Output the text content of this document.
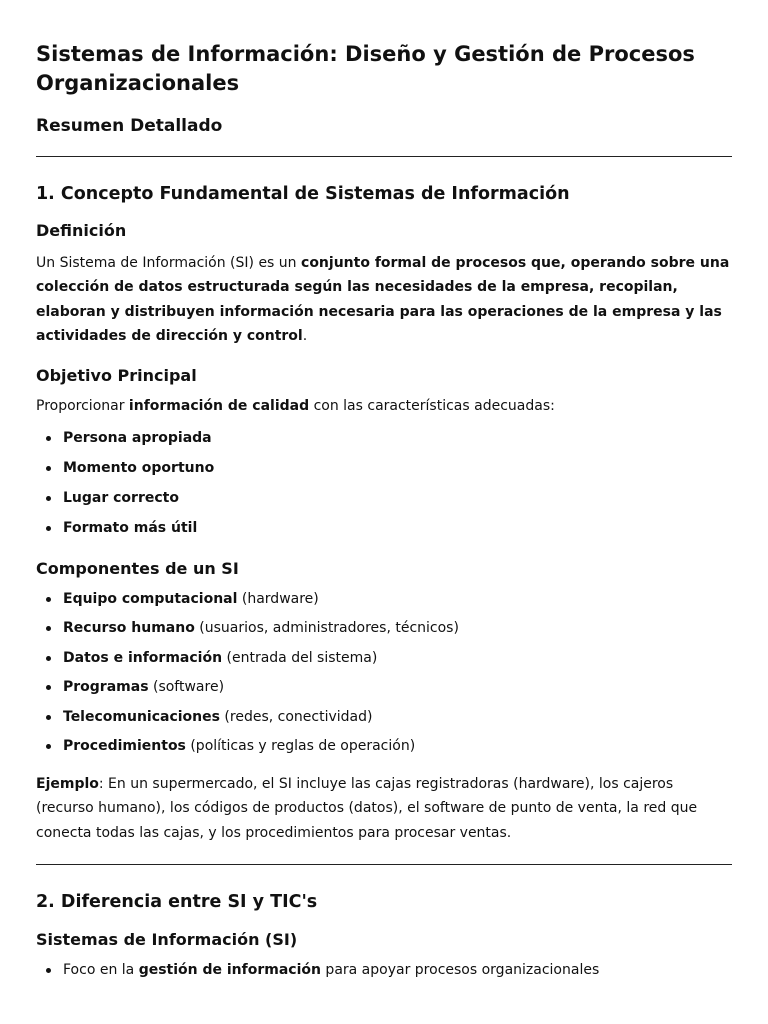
Sistemas de Información: Diseño y Gestión de Procesos Organizacionales
Resumen Detallado
1. Concepto Fundamental de Sistemas de Información
Definición

Un Sistema de Información (SI) es un conjunto formal de procesos que, operando sobre una colección de datos estructurada según las necesidades de la empresa, recopilan, elaboran y distribuyen información necesaria para las operaciones de la empresa y las actividades de dirección y control.

Objetivo Principal

Proporcionar información de calidad con las características adecuadas:

Persona apropiada
Momento oportuno
Lugar correcto
Formato más útil
Componentes de un SI
Equipo computacional (hardware)
Recurso humano (usuarios, administradores, técnicos)
Datos e información (entrada del sistema)
Programas (software)
Telecomunicaciones (redes, conectividad)
Procedimientos (políticas y reglas de operación)

Ejemplo: En un supermercado, el SI incluye las cajas registradoras (hardware), los cajeros (recurso humano), los códigos de productos (datos), el software de punto de venta, la red que conecta todas las cajas, y los procedimientos para procesar ventas.

2. Diferencia entre SI y TIC's
Sistemas de Información (SI)
Foco en la gestión de información para apoyar procesos organizacionales
